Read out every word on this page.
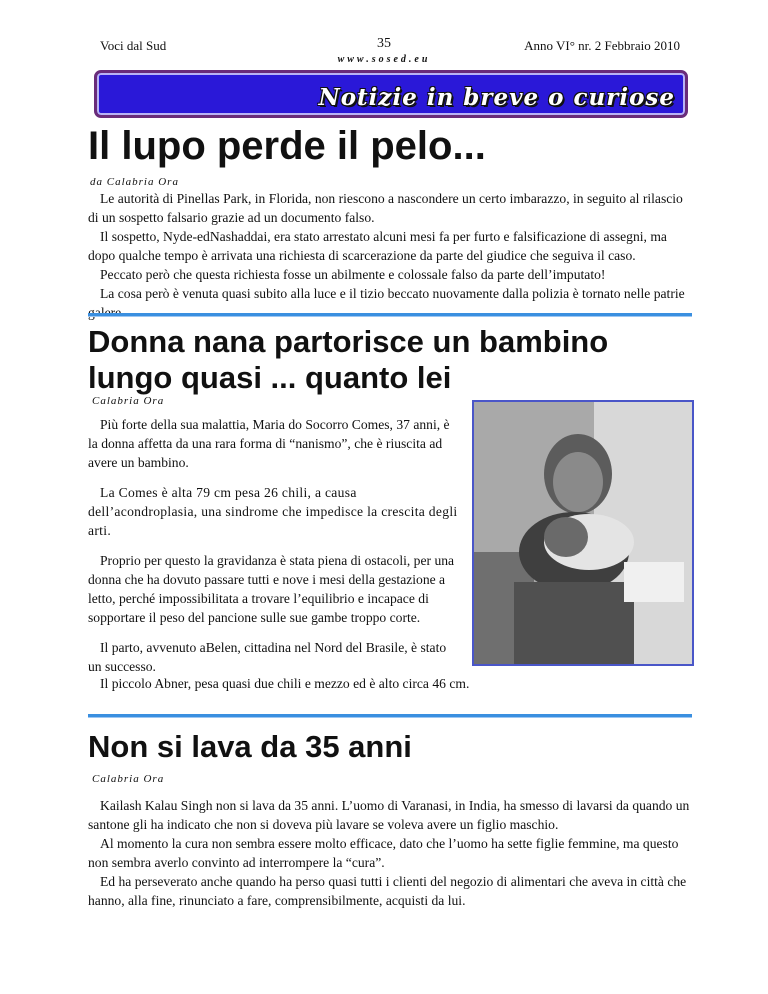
Voci dal Sud	35
www.sosed.eu
Anno VI° nr. 2 Febbraio 2010
Notizie in breve o curiose
Il lupo perde il pelo...
da Calabria Ora

Le autorità di Pinellas Park, in Florida, non riescono a nascondere un certo imbarazzo, in seguito al rilascio di un sospetto falsario grazie ad un documento falso.

Il sospetto, Nyde-edNashaddai, era stato arrestato alcuni mesi fa per furto e falsificazione di assegni, ma dopo qualche tempo è arrivata una richiesta di scarcerazione da parte del giudice che seguiva il caso.

Peccato però che questa richiesta fosse un abilmente e colossale falso da parte dell’imputato!

La cosa però è venuta quasi subito alla luce e il tizio beccato nuovamente dalla polizia è tornato nelle patrie

Donna nana partorisce un bambino
lungo quasi ... quanto lei
Calabria Ora

Più forte della sua malattia, Maria do Socorro Comes, 37 anni, è la donna affetta da una rara forma di “nanismo”, che è riuscita ad avere un bambino.

La Comes è alta 79 cm pesa 26 chili, a causa dell’acondroplasia, una sindrome che impedisce la crescita degli arti.

Proprio per questo la gravidanza è stata piena di ostacoli, per una donna che ha dovuto passare tutti e nove i mesi della gestazione a letto, perché impossibilitata a trovare l’equilibrio e incapace di sopportare il peso del pancione sulle sue gambe troppo corte.

Il parto, avvenuto aBelen, cittadina nel Nord del Brasile, è stato un successo.

Il piccolo Abner, pesa quasi due chili e mezzo ed è alto circa 46 cm.

Non si lava da 35 anni
Calabria Ora

Kailash Kalau Singh non si lava da 35 anni. L’uomo di Varanasi, in India, ha smesso di lavarsi da quando un santone gli ha indicato che non si doveva più lavare se voleva avere un figlio maschio.

Al momento la cura non sembra essere molto efficace, dato che l’uomo ha sette figlie femmine, ma questo non sembra averlo convinto ad interrompere la “cura”.

Ed ha perseverato anche quando ha perso quasi tutti i clienti del negozio di alimentari che aveva in città che hanno, alla fine, rinunciato a fare, comprensibilmente, acquisti da lui.
